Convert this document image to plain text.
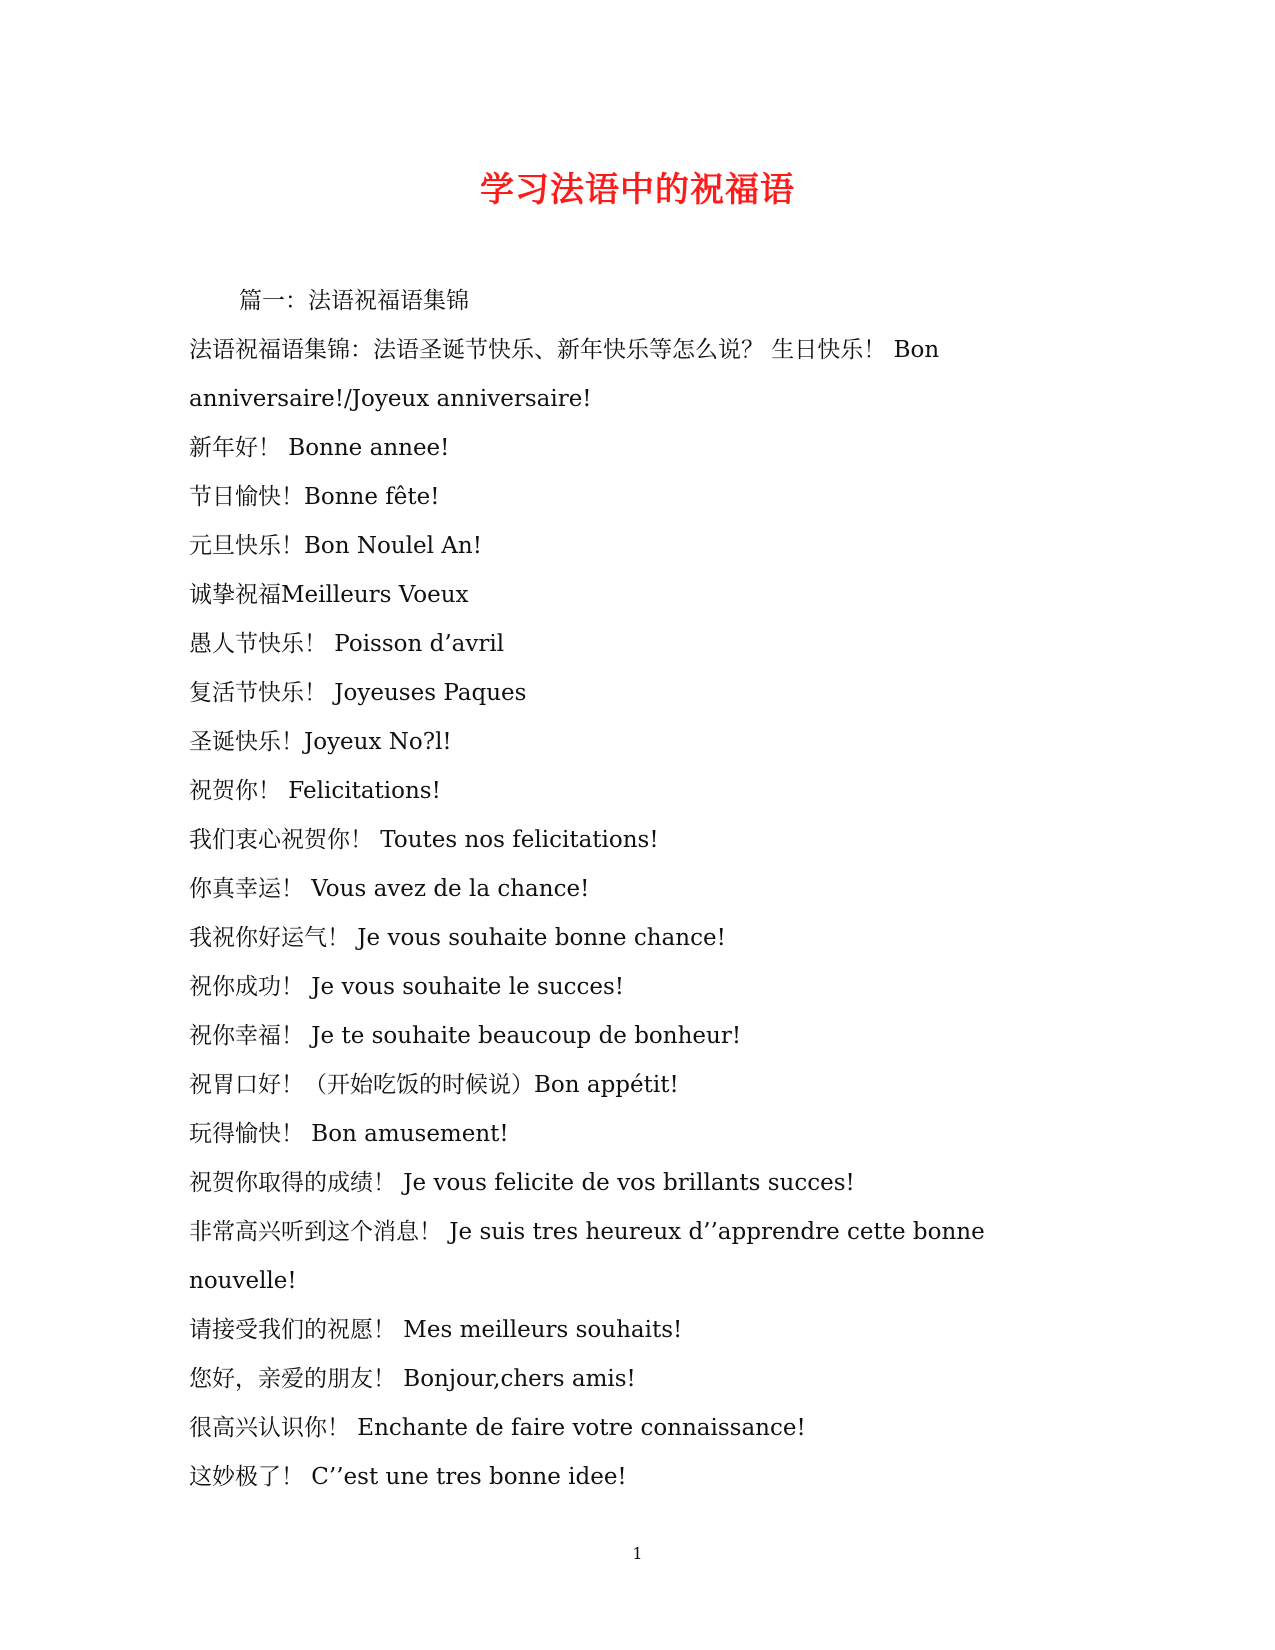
学习法语中的祝福语
篇一：法语祝福语集锦
法语祝福语集锦：法语圣诞节快乐、新年快乐等怎么说？ 生日快乐！ Bon
anniversaire!/Joyeux anniversaire!
新年好！ Bonne annee!
节日愉快！Bonne fête!
元旦快乐！Bon Noulel An!
诚挚祝福Meilleurs Voeux
愚人节快乐！ Poisson d’avril
复活节快乐！ Joyeuses Paques
圣诞快乐！Joyeux No?l!
祝贺你！ Felicitations!
我们衷心祝贺你！ Toutes nos felicitations!
你真幸运！ Vous avez de la chance!
我祝你好运气！ Je vous souhaite bonne chance!
祝你成功！ Je vous souhaite le succes!
祝你幸福！ Je te souhaite beaucoup de bonheur!
祝胃口好！（开始吃饭的时候说）Bon appétit!
玩得愉快！ Bon amusement!
祝贺你取得的成绩！ Je vous felicite de vos brillants succes!
非常高兴听到这个消息！ Je suis tres heureux d’’apprendre cette bonne
nouvelle!
请接受我们的祝愿！ Mes meilleurs souhaits!
您好，亲爱的朋友！ Bonjour,chers amis!
很高兴认识你！ Enchante de faire votre connaissance!
这妙极了！ C’’est une tres bonne idee!
1
